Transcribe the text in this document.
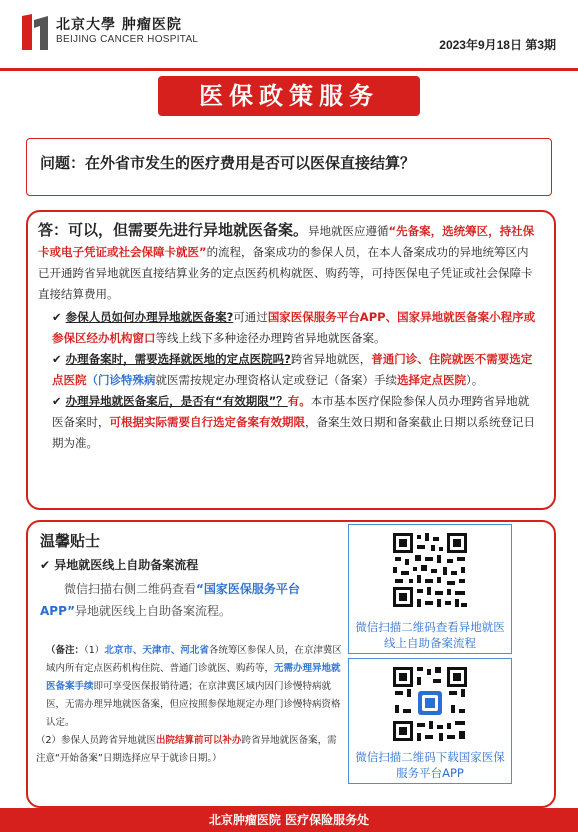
北京大學 肿瘤医院
BEIJING CANCER HOSPITAL	2023年9月18日 第3期
医保政策服务
问题：在外省市发生的医疗费用是否可以医保直接结算？
答：可以，但需要先进行异地就医备案。异地就医应遵循“先备案，选统筹区，持社保卡或电子凭证或社会保障卡就医”的流程，备案成功的参保人员，在本人备案成功的异地统筹区内已开通跨省异地就医直接结算业务的定点医药机构就医、购药等，可持医保电子凭证或社会保障卡直接结算费用。
✔ 参保人员如何办理异地就医备案?可通过国家医保服务平台APP、国家异地就医备案小程序或参保区经办机构窗口等线上线下多种途径办理跨省异地就医备案。
✔ 办理备案时，需要选择就医地的定点医院吗?跨省异地就医，普通门诊、住院就医不需要选定点医院（门诊特殊病就医需按规定办理资格认定或登记（备案）手续选择定点医院）。
✔ 办理异地就医备案后，是否有“有效期限”？有。本市基本医疗保险参保人员办理跨省异地就医备案时，可根据实际需要自行选定备案有效期限，备案生效日期和备案截止日期以系统登记日期为准。
温馨贴士
✔ 异地就医线上自助备案流程
微信扫描右侧二维码查看“国家医保服务平台APP”异地就医线上自助备案流程。
（备注：（1）北京市、天津市、河北省各统筹区参保人员，在京津冀区域内所有定点医药机构住院、普通门诊就医、购药等，无需办理异地就医备案手续即可享受医保报销待遇；在京津冀区域内因门诊慢特病就医，无需办理异地就医备案，但应按照参保地规定办理门诊慢特病资格认定。
（2）参保人员跨省异地就医出院结算前可以补办跨省异地就医备案，需注意“开始备案”日期选择应早于就诊日期。）
微信扫描二维码查看异地就医线上自助备案流程
微信扫描二维码下载国家医保服务平台APP
北京肿瘤医院 医疗保险服务处
